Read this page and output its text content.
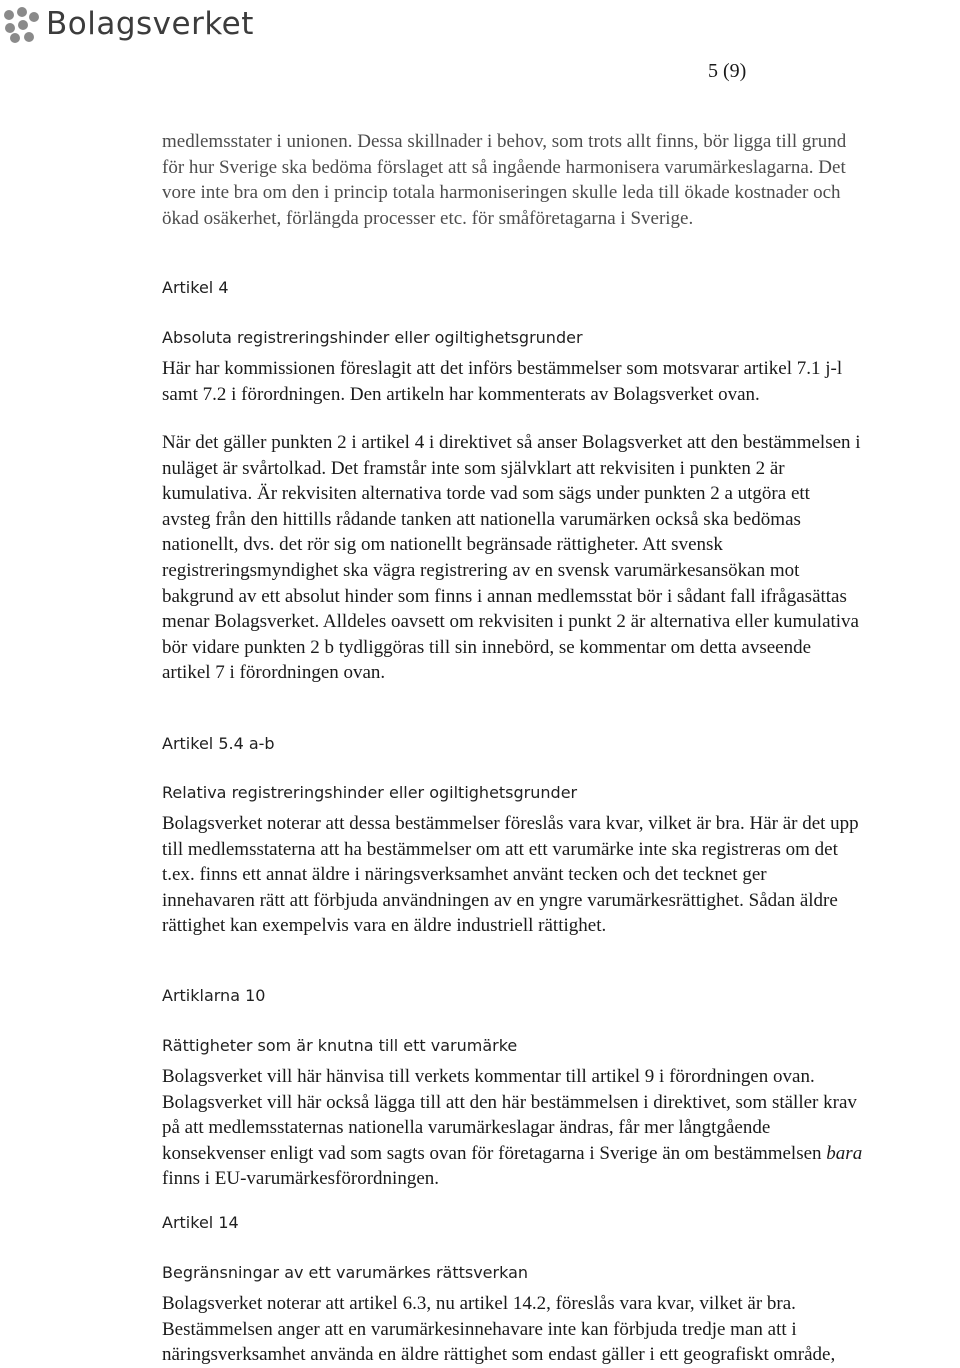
Bolagsverket
5 (9)
medlemsstater i unionen. Dessa skillnader i behov, som trots allt finns, bör ligga till grund
för hur Sverige ska bedöma förslaget att så ingående harmonisera varumärkeslagarna. Det
vore inte bra om den i princip totala harmoniseringen skulle leda till ökade kostnader och
ökad osäkerhet, förlängda processer etc. för småföretagarna i Sverige.
Artikel 4
Absoluta registreringshinder eller ogiltighetsgrunder
Här har kommissionen föreslagit att det införs bestämmelser som motsvarar artikel 7.1 j-l
samt 7.2 i förordningen. Den artikeln har kommenterats av Bolagsverket ovan.
När det gäller punkten 2 i artikel 4 i direktivet så anser Bolagsverket att den bestämmelsen i
nuläget är svårtolkad. Det framstår inte som självklart att rekvisiten i punkten 2 är
kumulativa. Är rekvisiten alternativa torde vad som sägs under punkten 2 a utgöra ett
avsteg från den hittills rådande tanken att nationella varumärken också ska bedömas
nationellt, dvs. det rör sig om nationellt begränsade rättigheter. Att svensk
registreringsmyndighet ska vägra registrering av en svensk varumärkesansökan mot
bakgrund av ett absolut hinder som finns i annan medlemsstat bör i sådant fall ifrågasättas
menar Bolagsverket. Alldeles oavsett om rekvisiten i punkt 2 är alternativa eller kumulativa
bör vidare punkten 2 b tydliggöras till sin innebörd, se kommentar om detta avseende
artikel 7 i förordningen ovan.
Artikel 5.4 a-b
Relativa registreringshinder eller ogiltighetsgrunder
Bolagsverket noterar att dessa bestämmelser föreslås vara kvar, vilket är bra. Här är det upp
till medlemsstaterna att ha bestämmelser om att ett varumärke inte ska registreras om det
t.ex. finns ett annat äldre i näringsverksamhet använt tecken och det tecknet ger
innehavaren rätt att förbjuda användningen av en yngre varumärkesrättighet. Sådan äldre
rättighet kan exempelvis vara en äldre industriell rättighet.
Artiklarna 10
Rättigheter som är knutna till ett varumärke
Bolagsverket vill här hänvisa till verkets kommentar till artikel 9 i förordningen ovan.
Bolagsverket vill här också lägga till att den här bestämmelsen i direktivet, som ställer krav
på att medlemsstaternas nationella varumärkeslagar ändras, får mer långtgående
konsekvenser enligt vad som sagts ovan för företagarna i Sverige än om bestämmelsen bara
finns i EU-varumärkesförordningen.
Artikel 14
Begränsningar av ett varumärkes rättsverkan
Bolagsverket noterar att artikel 6.3, nu artikel 14.2, föreslås vara kvar, vilket är bra.
Bestämmelsen anger att en varumärkesinnehavare inte kan förbjuda tredje man att i
näringsverksamhet använda en äldre rättighet som endast gäller i ett geografiskt område,
